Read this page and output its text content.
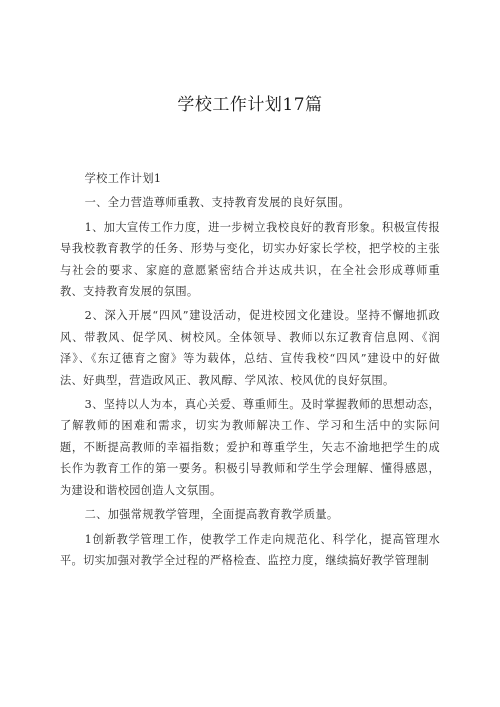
学校工作计划17篇

学校工作计划1

一、全力营造尊师重教、支持教育发展的良好氛围。

1、加大宣传工作力度，进一步树立我校良好的教育形象。积极宣传报导我校教育教学的任务、形势与变化，切实办好家长学校，把学校的主张与社会的要求、家庭的意愿紧密结合并达成共识，在全社会形成尊师重教、支持教育发展的氛围。

2、深入开展“四风”建设活动，促进校园文化建设。坚持不懈地抓政风、带教风、促学风、树校风。全体领导、教师以东辽教育信息网、《润泽》、《东辽德育之窗》等为载体，总结、宣传我校“四风”建设中的好做法、好典型，营造政风正、教风醇、学风浓、校风优的良好氛围。

3、坚持以人为本，真心关爱、尊重师生。及时掌握教师的思想动态，了解教师的困难和需求，切实为教师解决工作、学习和生活中的实际问题，不断提高教师的幸福指数；爱护和尊重学生，矢志不渝地把学生的成长作为教育工作的第一要务。积极引导教师和学生学会理解、懂得感恩，为建设和谐校园创造人文氛围。

二、加强常规教学管理，全面提高教育教学质量。

1创新教学管理工作，使教学工作走向规范化、科学化，提高管理水平。切实加强对教学全过程的严格检查、监控力度，继续搞好教学管理制
